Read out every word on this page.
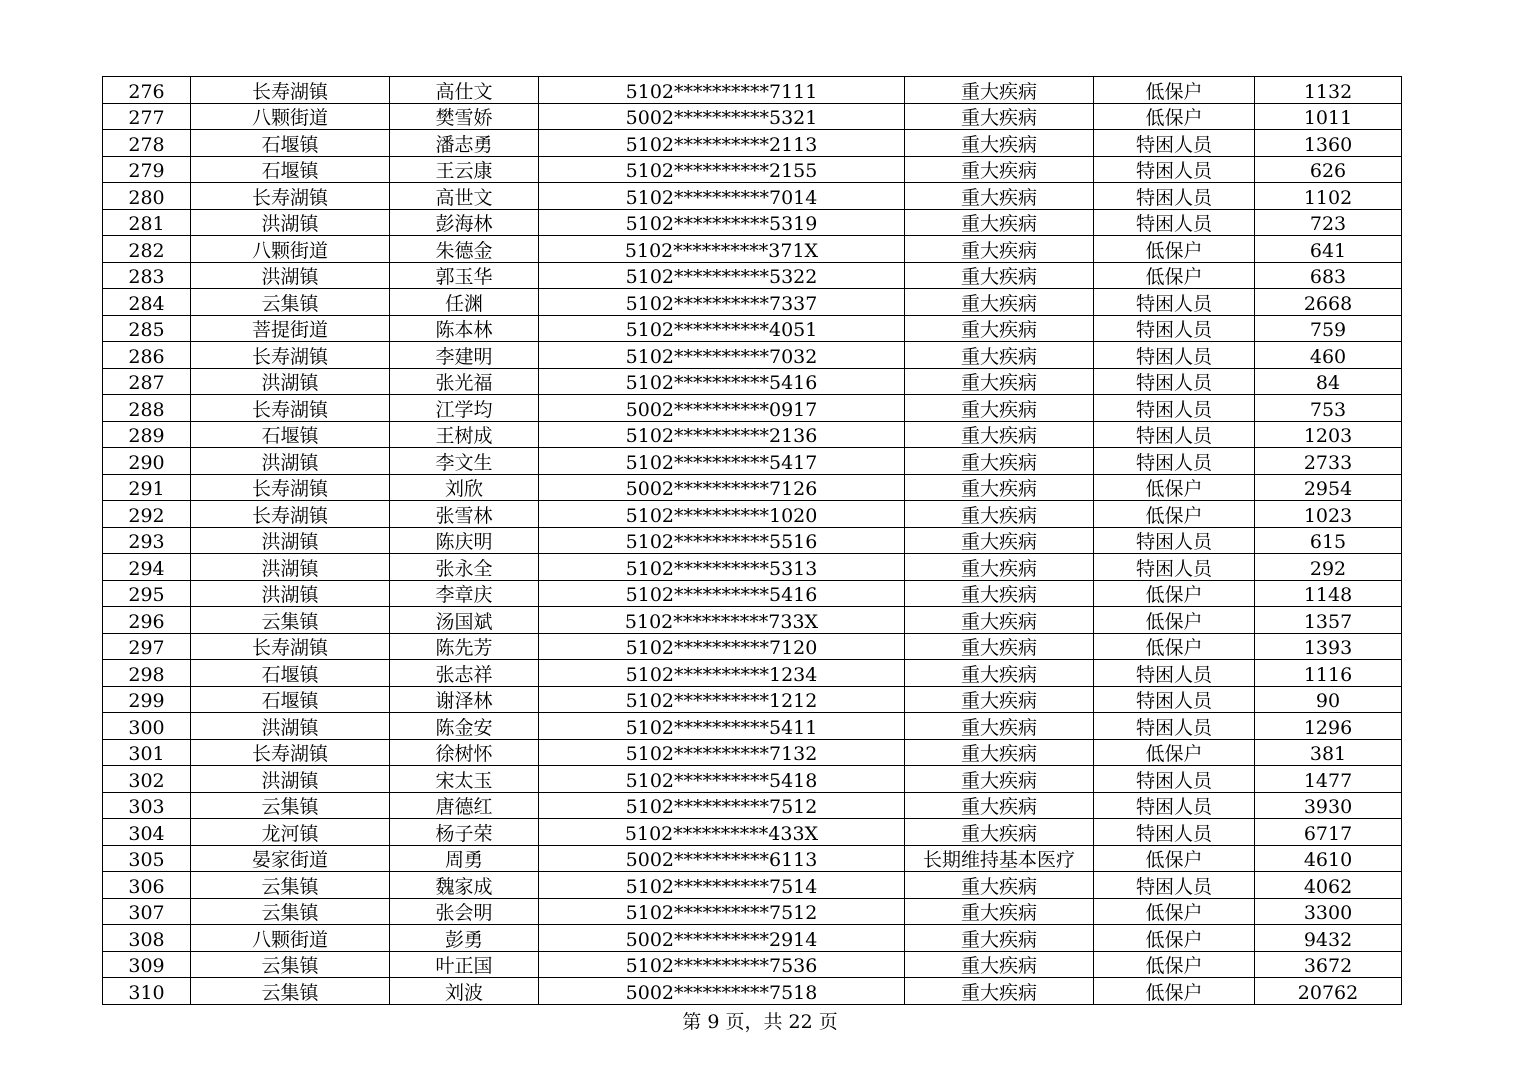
276	长寿湖镇	高仕文	5102**********7111	重大疾病	低保户	1132
277	八颗街道	樊雪娇	5002**********5321	重大疾病	低保户	1011
278	石堰镇	潘志勇	5102**********2113	重大疾病	特困人员	1360
279	石堰镇	王云康	5102**********2155	重大疾病	特困人员	626
280	长寿湖镇	高世文	5102**********7014	重大疾病	特困人员	1102
281	洪湖镇	彭海林	5102**********5319	重大疾病	特困人员	723
282	八颗街道	朱德金	5102**********371X	重大疾病	低保户	641
283	洪湖镇	郭玉华	5102**********5322	重大疾病	低保户	683
284	云集镇	任渊	5102**********7337	重大疾病	特困人员	2668
285	菩提街道	陈本林	5102**********4051	重大疾病	特困人员	759
286	长寿湖镇	李建明	5102**********7032	重大疾病	特困人员	460
287	洪湖镇	张光福	5102**********5416	重大疾病	特困人员	84
288	长寿湖镇	江学均	5002**********0917	重大疾病	特困人员	753
289	石堰镇	王树成	5102**********2136	重大疾病	特困人员	1203
290	洪湖镇	李文生	5102**********5417	重大疾病	特困人员	2733
291	长寿湖镇	刘欣	5002**********7126	重大疾病	低保户	2954
292	长寿湖镇	张雪林	5102**********1020	重大疾病	低保户	1023
293	洪湖镇	陈庆明	5102**********5516	重大疾病	特困人员	615
294	洪湖镇	张永全	5102**********5313	重大疾病	特困人员	292
295	洪湖镇	李章庆	5102**********5416	重大疾病	低保户	1148
296	云集镇	汤国斌	5102**********733X	重大疾病	低保户	1357
297	长寿湖镇	陈先芳	5102**********7120	重大疾病	低保户	1393
298	石堰镇	张志祥	5102**********1234	重大疾病	特困人员	1116
299	石堰镇	谢泽林	5102**********1212	重大疾病	特困人员	90
300	洪湖镇	陈金安	5102**********5411	重大疾病	特困人员	1296
301	长寿湖镇	徐树怀	5102**********7132	重大疾病	低保户	381
302	洪湖镇	宋太玉	5102**********5418	重大疾病	特困人员	1477
303	云集镇	唐德红	5102**********7512	重大疾病	特困人员	3930
304	龙河镇	杨子荣	5102**********433X	重大疾病	特困人员	6717
305	晏家街道	周勇	5002**********6113	长期维持基本医疗	低保户	4610
306	云集镇	魏家成	5102**********7514	重大疾病	特困人员	4062
307	云集镇	张会明	5102**********7512	重大疾病	低保户	3300
308	八颗街道	彭勇	5002**********2914	重大疾病	低保户	9432
309	云集镇	叶正国	5102**********7536	重大疾病	低保户	3672
310	云集镇	刘波	5002**********7518	重大疾病	低保户	20762
第 9 页，共 22 页
